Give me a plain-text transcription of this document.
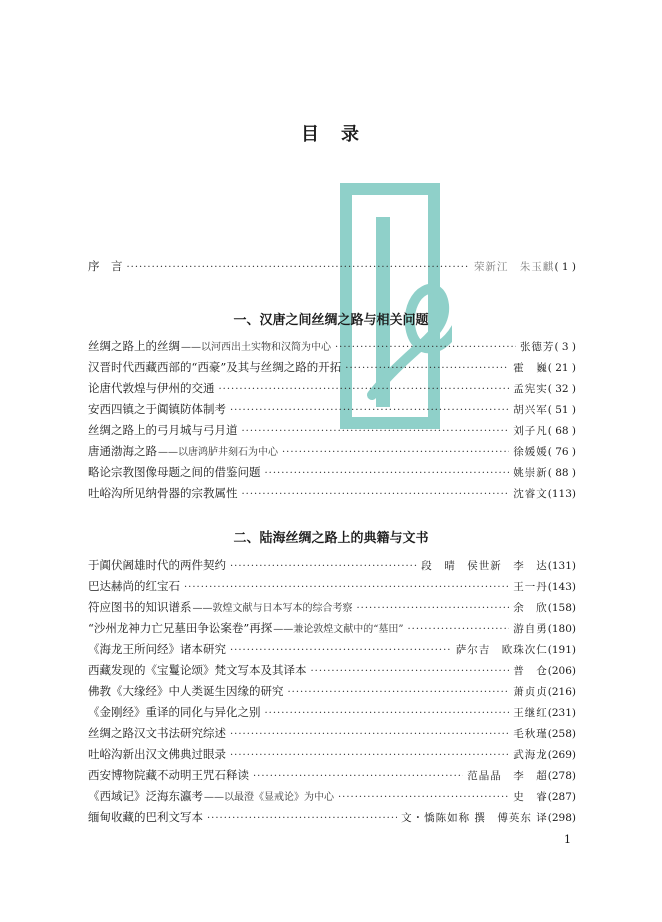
目　录
序　言 ·····	荣新江　朱玉麒 ( 1 )
一、汉唐之间丝绸之路与相关问题
丝绸之路上的丝绸 ——以河西出土实物和汉简为中心 ·····	张德芳 ( 3 )
汉晋时代西藏西部的“西豪”及其与丝绸之路的开拓 ·····	霍　巍 ( 21 )
论唐代敦煌与伊州的交通 ·····	孟宪实 ( 32 )
安西四镇之于阗镇防体制考 ·····	胡兴军 ( 51 )
丝绸之路上的弓月城与弓月道 ·····	刘子凡 ( 68 )
唐通渤海之路 ——以唐鸿胪井刻石为中心 ·····	徐媛媛 ( 76 )
略论宗教图像母题之间的借鉴问题 ·····	姚崇新 ( 88 )
吐峪沟所见纳骨器的宗教属性 ·····	沈睿文 (113)
二、陆海丝绸之路上的典籍与文书
于阗伏阇雄时代的两件契约 ·····	段　晴　侯世新　李　达 (131)
巴达赫尚的红宝石 ·····	王一丹 (143)
符应图书的知识谱系 ——敦煌文献与日本写本的综合考察 ·····	余　欣 (158)
“沙州龙神力亡兄墓田争讼案卷”再探 ——兼论敦煌文献中的“墓田” ·····	游自勇 (180)
《海龙王所问经》诸本研究 ·····	萨尔吉　欧珠次仁 (191)
西藏发现的《宝鬘论颂》梵文写本及其译本 ·····	普　仓 (206)
佛教《大缘经》中人类诞生因缘的研究 ·····	萧贞贞 (216)
《金刚经》重译的同化与异化之别 ·····	王继红 (231)
丝绸之路汉文书法研究综述 ·····	毛秋瑾 (258)
吐峪沟新出汉文佛典过眼录 ·····	武海龙 (269)
西安博物院藏不动明王咒石释读 ·····	范晶晶　李　超 (278)
《西域记》泛海东瀛考 ——以最澄《显戒论》为中心 ·····	史　睿 (287)
缅甸收藏的巴利文写本 ·····	文・憍陈如称 撰　傅英东 译 (298)
1
